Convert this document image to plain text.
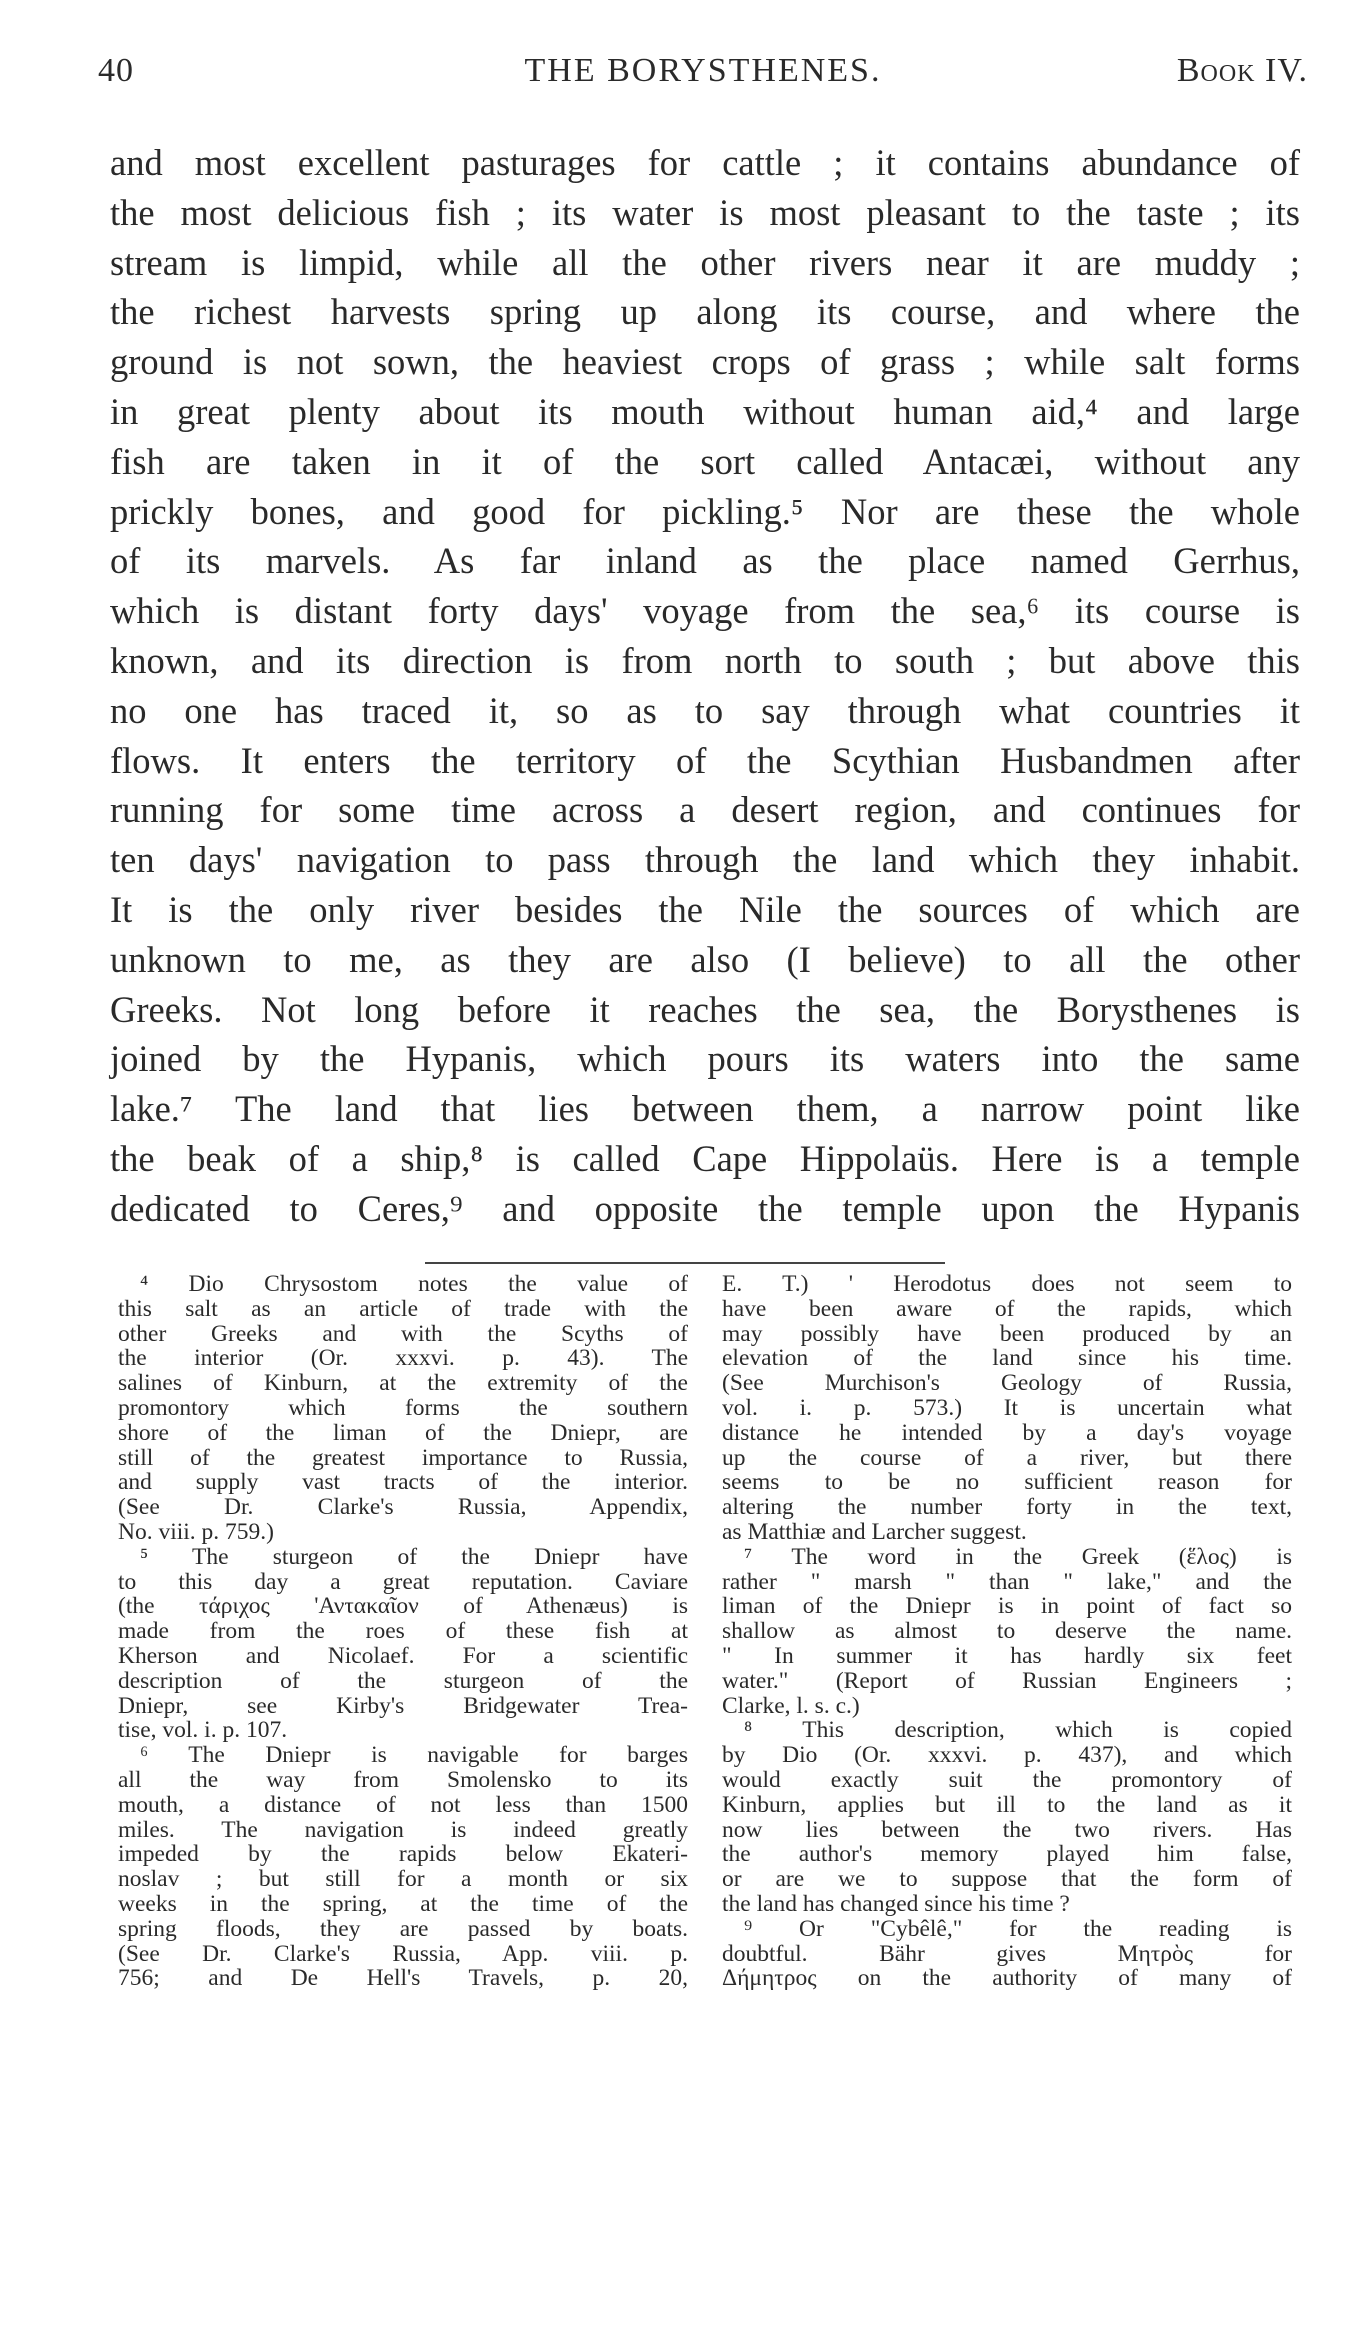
40	THE BORYSTHENES.	Book IV.
and most excellent pasturages for cattle ; it contains abundance of
the most delicious fish ; its water is most pleasant to the taste ; its
stream is limpid, while all the other rivers near it are muddy ;
the richest harvests spring up along its course, and where the
ground is not sown, the heaviest crops of grass ; while salt forms
in great plenty about its mouth without human aid,⁴ and large
fish are taken in it of the sort called Antacæi, without any
prickly bones, and good for pickling.⁵ Nor are these the whole
of its marvels. As far inland as the place named Gerrhus,
which is distant forty days' voyage from the sea,⁶ its course is
known, and its direction is from north to south ; but above this
no one has traced it, so as to say through what countries it
flows. It enters the territory of the Scythian Husbandmen after
running for some time across a desert region, and continues for
ten days' navigation to pass through the land which they inhabit.
It is the only river besides the Nile the sources of which are
unknown to me, as they are also (I believe) to all the other
Greeks. Not long before it reaches the sea, the Borysthenes is
joined by the Hypanis, which pours its waters into the same
lake.⁷ The land that lies between them, a narrow point like
the beak of a ship,⁸ is called Cape Hippolaüs. Here is a temple
dedicated to Ceres,⁹ and opposite the temple upon the Hypanis
⁴ Dio Chrysostom notes the value of
this salt as an article of trade with the
other Greeks and with the Scyths of
the interior (Or. xxxvi. p. 43). The
salines of Kinburn, at the extremity of the
promontory which forms the southern
shore of the liman of the Dniepr, are
still of the greatest importance to Russia,
and supply vast tracts of the interior.
(See Dr. Clarke's Russia, Appendix,
No. viii. p. 759.)
⁵ The sturgeon of the Dniepr have
to this day a great reputation. Caviare
(the τάριχος 'Αντακαῖον of Athenæus) is
made from the roes of these fish at
Kherson and Nicolaef. For a scientific
description of the sturgeon of the
Dniepr, see Kirby's Bridgewater Trea-
tise, vol. i. p. 107.
⁶ The Dniepr is navigable for barges
all the way from Smolensko to its
mouth, a distance of not less than 1500
miles. The navigation is indeed greatly
impeded by the rapids below Ekateri-
noslav ; but still for a month or six
weeks in the spring, at the time of the
spring floods, they are passed by boats.
(See Dr. Clarke's Russia, App. viii. p.
756; and De Hell's Travels, p. 20,
E. T.) ' Herodotus does not seem to
have been aware of the rapids, which
may possibly have been produced by an
elevation of the land since his time.
(See Murchison's Geology of Russia,
vol. i. p. 573.) It is uncertain what
distance he intended by a day's voyage
up the course of a river, but there
seems to be no sufficient reason for
altering the number forty in the text,
as Matthiæ and Larcher suggest.
⁷ The word in the Greek (ἕλος) is
rather " marsh " than " lake," and the
liman of the Dniepr is in point of fact so
shallow as almost to deserve the name.
" In summer it has hardly six feet
water." (Report of Russian Engineers ;
Clarke, l. s. c.)
⁸ This description, which is copied
by Dio (Or. xxxvi. p. 437), and which
would exactly suit the promontory of
Kinburn, applies but ill to the land as it
now lies between the two rivers. Has
the author's memory played him false,
or are we to suppose that the form of
the land has changed since his time ?
⁹ Or "Cybêlê," for the reading is
doubtful. Bähr gives Μητρὸς for
Δήμητρος on the authority of many of
